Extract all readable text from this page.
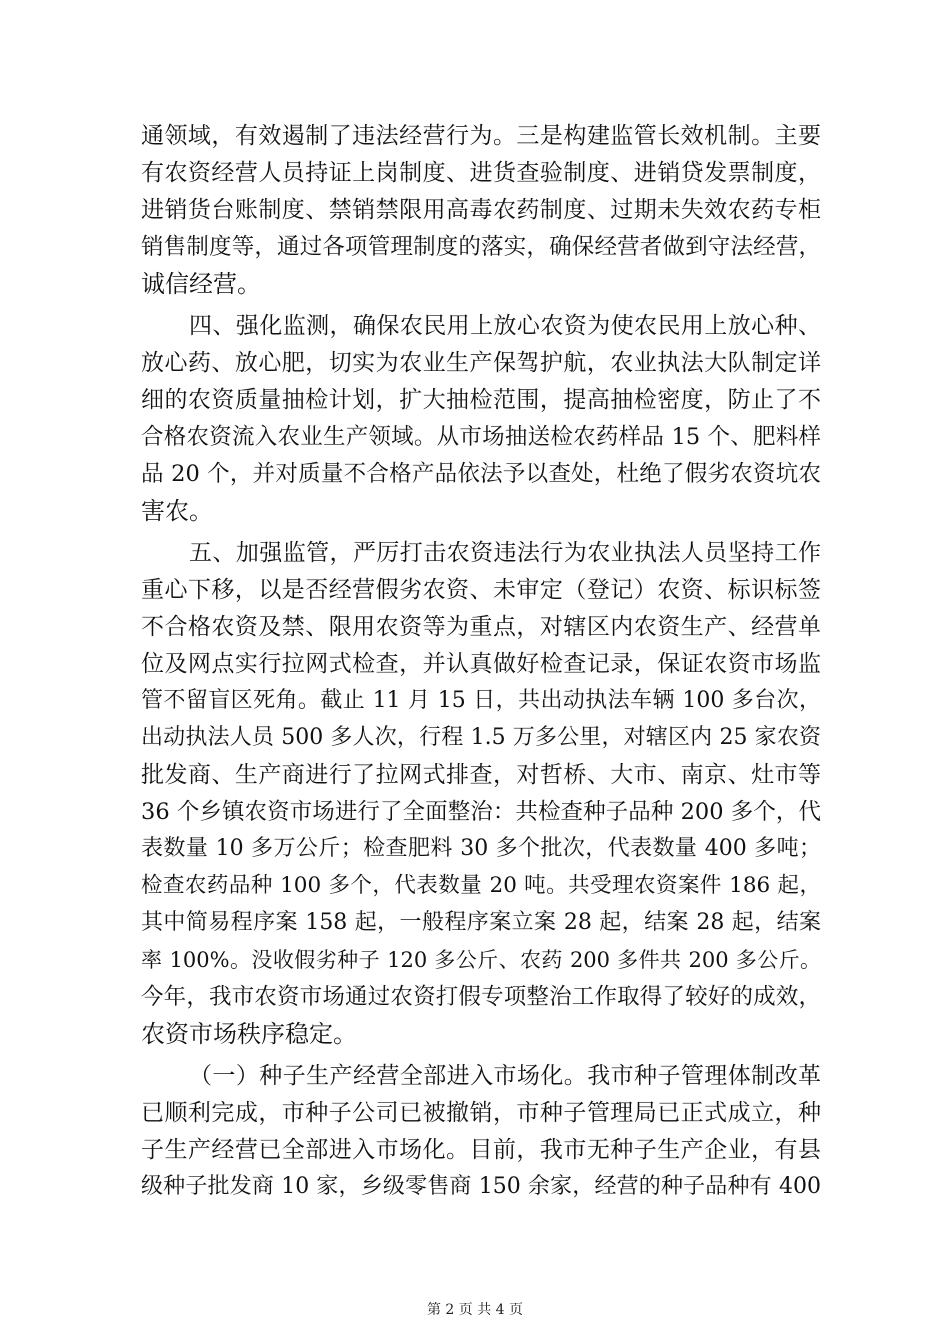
通领域，有效遏制了违法经营行为。三是构建监管长效机制。主要
有农资经营人员持证上岗制度、进货查验制度、进销贷发票制度，
进销货台账制度、禁销禁限用高毒农药制度、过期未失效农药专柜
销售制度等，通过各项管理制度的落实，确保经营者做到守法经营，
诚信经营。
四、强化监测，确保农民用上放心农资为使农民用上放心种、
放心药、放心肥，切实为农业生产保驾护航，农业执法大队制定详
细的农资质量抽检计划，扩大抽检范围，提高抽检密度，防止了不
合格农资流入农业生产领域。从市场抽送检农药样品 15 个、肥料样
品 20 个，并对质量不合格产品依法予以查处，杜绝了假劣农资坑农
害农。
五、加强监管，严厉打击农资违法行为农业执法人员坚持工作
重心下移，以是否经营假劣农资、未审定（登记）农资、标识标签
不合格农资及禁、限用农资等为重点，对辖区内农资生产、经营单
位及网点实行拉网式检查，并认真做好检查记录，保证农资市场监
管不留盲区死角。截止 11 月 15 日，共出动执法车辆 100 多台次，
出动执法人员 500 多人次，行程 1.5 万多公里，对辖区内 25 家农资
批发商、生产商进行了拉网式排查，对哲桥、大市、南京、灶市等
36 个乡镇农资市场进行了全面整治：共检查种子品种 200 多个，代
表数量 10 多万公斤；检查肥料 30 多个批次，代表数量 400 多吨；
检查农药品种 100 多个，代表数量 20 吨。共受理农资案件 186 起，
其中简易程序案 158 起，一般程序案立案 28 起，结案 28 起，结案
率 100%。没收假劣种子 120 多公斤、农药 200 多件共 200 多公斤。
今年，我市农资市场通过农资打假专项整治工作取得了较好的成效，
农资市场秩序稳定。
（一）种子生产经营全部进入市场化。我市种子管理体制改革
已顺利完成，市种子公司已被撤销，市种子管理局已正式成立，种
子生产经营已全部进入市场化。目前，我市无种子生产企业，有县
级种子批发商 10 家，乡级零售商 150 余家，经营的种子品种有 400
第 2 页 共 4 页
